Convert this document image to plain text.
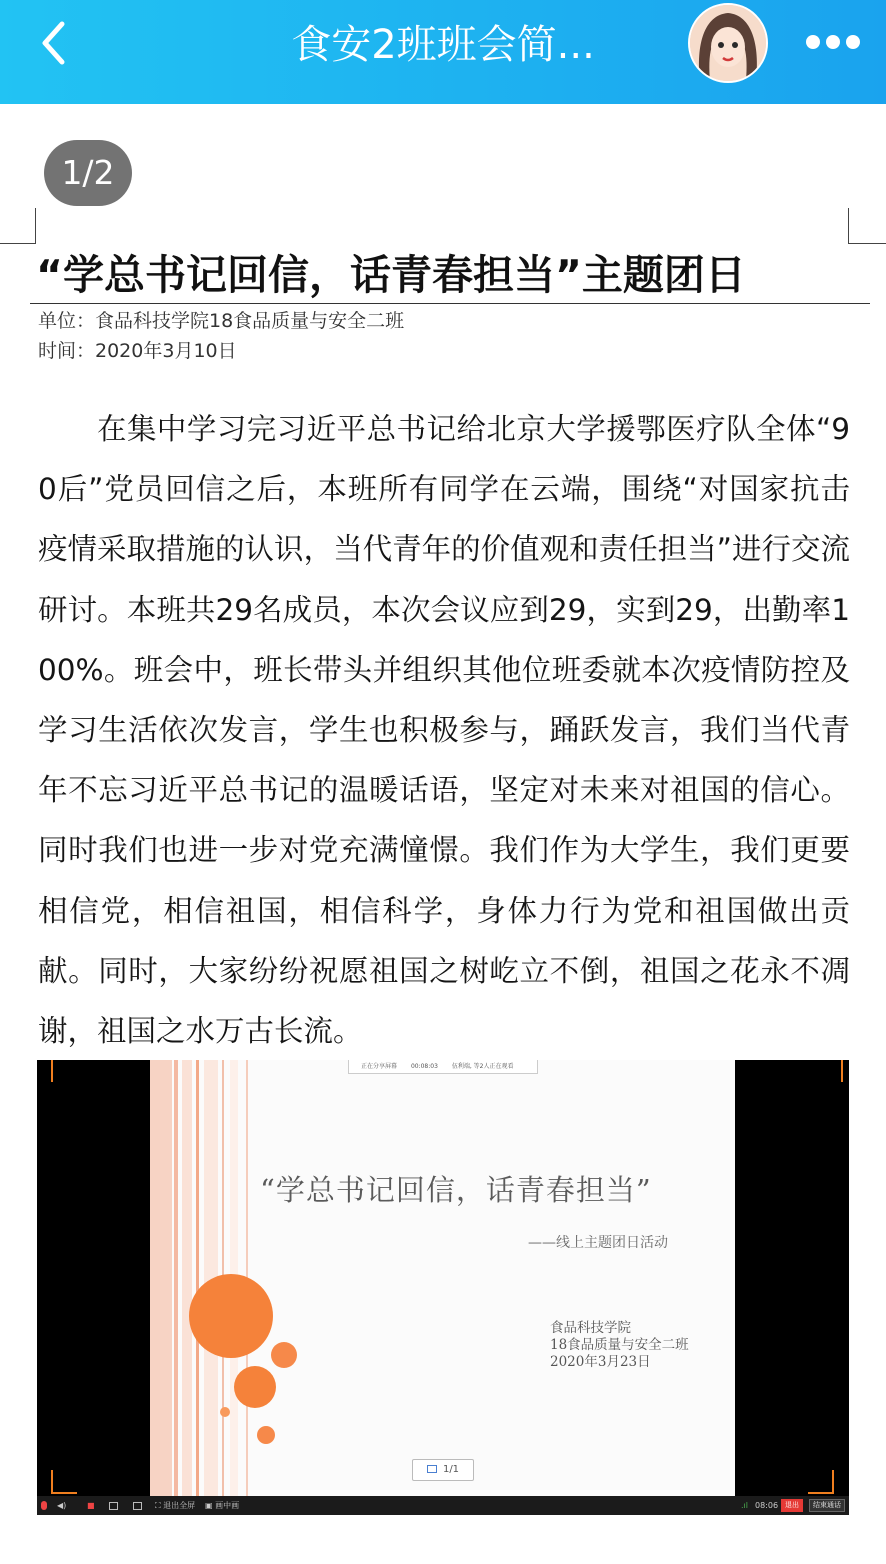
食安2班班会简...
1/2
“学总书记回信，话青春担当”主题团日
单位：食品科技学院18食品质量与安全二班
时间：2020年3月10日
在集中学习完习近平总书记给北京大学援鄂医疗队全体“90后”党员回信之后，本班所有同学在云端，围绕“对国家抗击疫情采取措施的认识，当代青年的价值观和责任担当”进行交流研讨。本班共29名成员，本次会议应到29，实到29，出勤率100%。班会中，班长带头并组织其他位班委就本次疫情防控及学习生活依次发言，学生也积极参与，踊跃发言，我们当代青年不忘习近平总书记的温暖话语，坚定对未来对祖国的信心。同时我们也进一步对党充满憧憬。我们作为大学生，我们更要相信党，相信祖国，相信科学，身体力行为党和祖国做出贡献。同时，大家纷纷祝愿祖国之树屹立不倒，祖国之花永不凋谢，祖国之水万古长流。
正在分享屏幕 00:08:03 伍利端, 等2人正在观看
“学总书记回信，话青春担当”
——线上主题团日活动
食品科技学院
18食品质量与安全二班
2020年3月23日
1/1
◀)	■	⛶ 退出全屏 ▣ 画中画	.ıl 08:06 退出	结束通话
